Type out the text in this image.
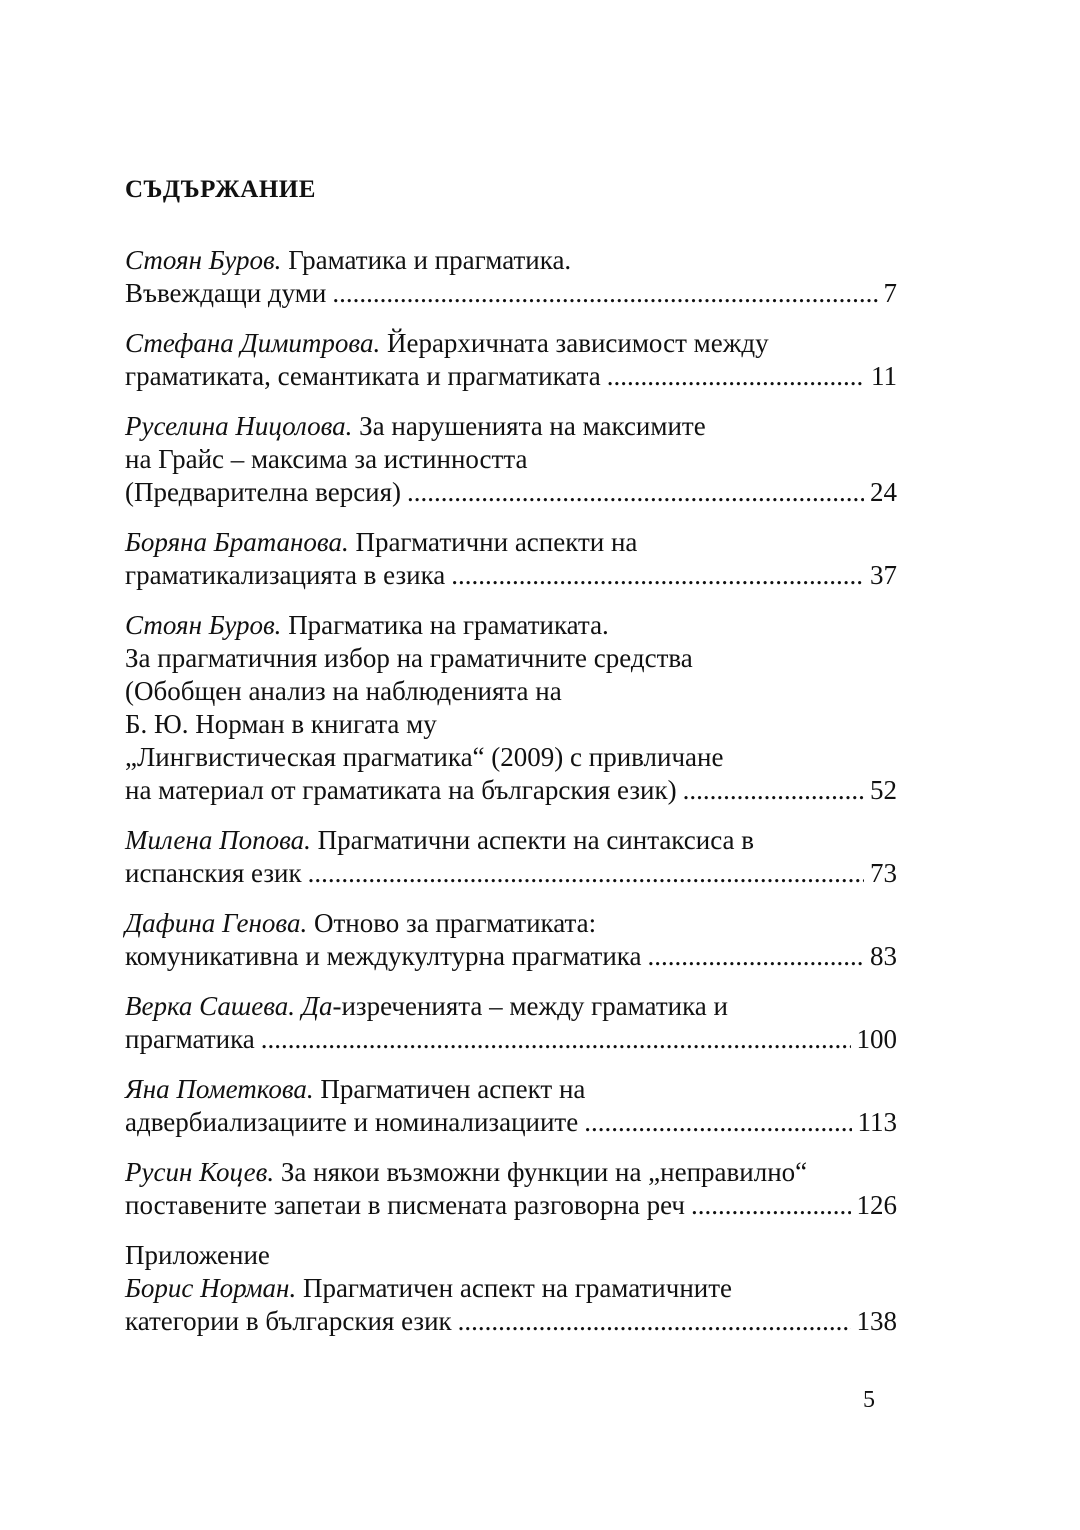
СЪДЪРЖАНИЕ
Стоян Буров. Граматика и прагматика.
Въвеждащи думи .....	7
Стефана Димитрова. Йерархичната зависимост между
граматиката, семантиката и прагматиката .....	11
Руселина Ницолова. За нарушенията на максимите
на Грайс – максима за истинността
(Предварителна версия) .....	24
Боряна Братанова. Прагматични аспекти на
граматикализацията в езика .....	37
Стоян Буров. Прагматика на граматиката.
За прагматичния избор на граматичните средства
(Обобщен анализ на наблюденията на
Б. Ю. Норман в книгата му
„Лингвистическая прагматика“ (2009) с привличане
на материал от граматиката на българския език) .....	52
Милена Попова. Прагматични аспекти на синтаксиса в
испанския език .....	73
Дафина Генова. Отново за прагматиката:
комуникативна и междукултурна прагматика .....	83
Верка Сашева. Да-изреченията – между граматика и
прагматика .....	100
Яна Пометкова. Прагматичен аспект на
адвербиализациите и номинализациите .....	113
Русин Коцев. За някои възможни функции на „неправилно“
поставените запетаи в писмената разговорна реч .....	126
Приложение
Борис Норман. Прагматичен аспект на граматичните
категории в българския език .....	138
5
